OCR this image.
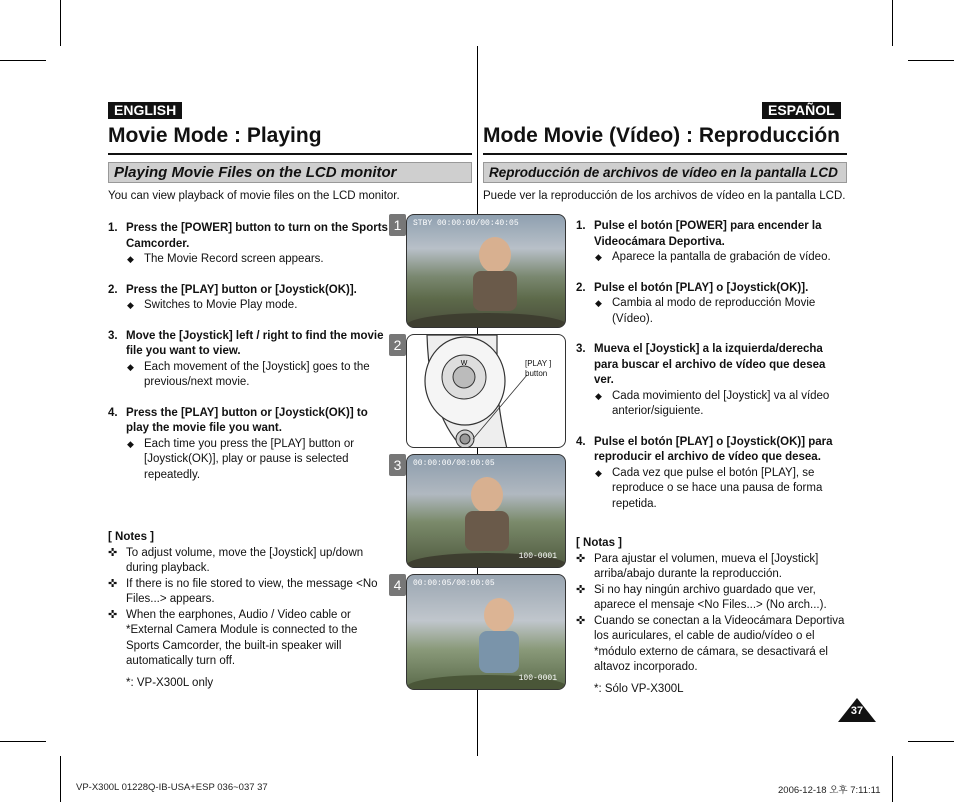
ENGLISH
Movie Mode : Playing
Playing Movie Files on the LCD monitor
You can view playback of movie files on the LCD monitor.
ESPAÑOL
Mode Movie (Vídeo) : Reproducción
Reproducción de archivos de vídeo en la pantalla LCD
Puede ver la reproducción de los archivos de vídeo en la pantalla LCD.
1. Press the [POWER] button to turn on the Sports Camcorder.
◆ The Movie Record screen appears.
2. Press the [PLAY] button or [Joystick(OK)].
◆ Switches to Movie Play mode.
3. Move the [Joystick] left / right to find the movie file you want to view.
◆ Each movement of the [Joystick] goes to the previous/next movie.
4. Press the [PLAY] button or [Joystick(OK)] to play the movie file you want.
◆ Each time you press the [PLAY] button or [Joystick(OK)], play or pause is selected repeatedly.
[ Notes ]
✜ To adjust volume, move the [Joystick] up/down during playback.
✜ If there is no file stored to view, the message <No Files...> appears.
✜ When the earphones, Audio / Video cable or *External Camera Module is connected to the Sports Camcorder, the built-in speaker will automatically turn off.
*: VP-X300L only
1. Pulse el botón [POWER] para encender la Videocámara Deportiva.
◆ Aparece la pantalla de grabación de vídeo.
2. Pulse el botón [PLAY] o [Joystick(OK)].
◆ Cambia al modo de reproducción Movie (Vídeo).
3. Mueva el [Joystick] a la izquierda/derecha para buscar el archivo de vídeo que desea ver.
◆ Cada movimiento del [Joystick] va al vídeo anterior/siguiente.
4. Pulse el botón [PLAY] o [Joystick(OK)] para reproducir el archivo de vídeo que desea.
◆ Cada vez que pulse el botón [PLAY], se reproduce o se hace una pausa de forma repetida.
[ Notas ]
✜ Para ajustar el volumen, mueva el [Joystick] arriba/abajo durante la reproducción.
✜ Si no hay ningún archivo guardado que ver, aparece el mensaje <No Files...> (No arch...).
✜ Cuando se conectan a la Videocámara Deportiva los auriculares, el cable de audio/vídeo o el *módulo externo de cámara, se desactivará el altavoz incorporado.
*: Sólo VP-X300L
1	STBY 00:00:00/00:40:05
2
W	[PLAY ] button
3	00:00:00/00:00:05
100-0001
4	00:00:05/00:00:05
100-0001
37
VP-X300L 01228Q-IB-USA+ESP 036~037 37	2006-12-18 오후 7:11:11
